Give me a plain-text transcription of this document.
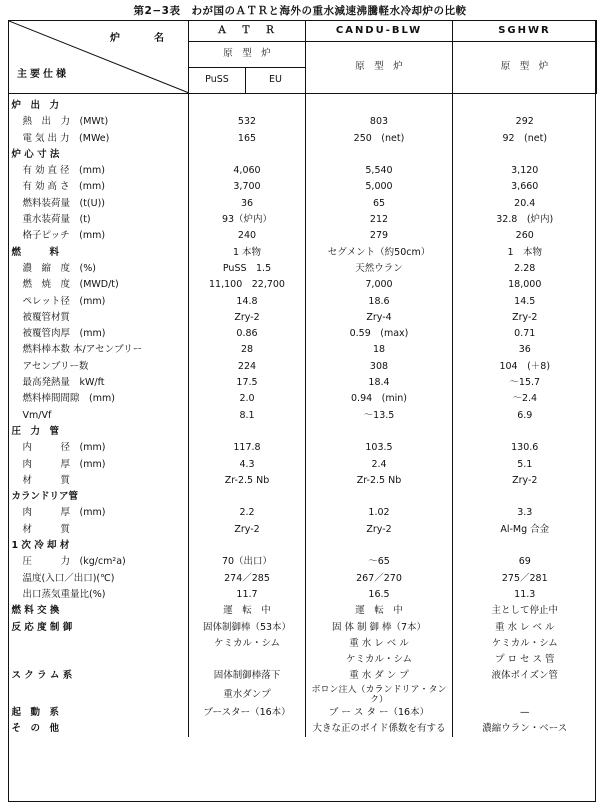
第2−3表　わが国のＡＴＲと海外の重水減速沸騰軽水冷却炉の比較
炉　名
主要仕様	Ａ　Ｔ　Ｒ		CANDU-BLW	SGHWR
	原　型　炉		原　型　炉	原　型　炉
	PuSS	EU		
炉　出　力				
熱　出　力　(MWt)	532		803	292
電 気 出 力　(MWe)	165		250　(net)	92　(net)
炉 心 寸 法				
有 効 直 径　(mm)	4,060		5,540	3,120
有 効 高 さ　(mm)	3,700		5,000	3,660
燃料装荷量　(t(U))	36		65	20.4
重水装荷量　(t)	93（炉内）		212	32.8　(炉内)
格子ピッチ　(mm)	240		279	260
燃　　　料	1 本物		セグメント（約50cm）	1　本物
濃　縮　度　(%)	PuSS　1.5		天然ウラン	2.28
燃　焼　度　(MWD/t)	11,100　22,700		7,000	18,000
ペレット径　(mm)	14.8		18.6	14.5
被覆管材質	Zry-2		Zry-4	Zry-2
被覆管肉厚　(mm)	0.86		0.59　(max)	0.71
燃料棒本数 本/アセンブリー	28		18	36
アセンブリー数	224		308	104　(＋8)
最高発熱量　kW/ft	17.5		18.4	〜15.7
燃料棒間間隙　(mm)	2.0		0.94　(min)	〜2.4
Vm/Vf	8.1		〜13.5	6.9
圧　力　管				
内　　　径　(mm)	117.8		103.5	130.6
肉　　　厚　(mm)	4.3		2.4	5.1
材　　　質	Zr-2.5 Nb		Zr-2.5 Nb	Zry-2
カランドリア管				
肉　　　厚　(mm)	2.2		1.02	3.3
材　　　質	Zry-2		Zry-2	Al-Mg 合金
1 次 冷 却 材				
圧　　　力　(kg/cm²a)	70（出口）		〜65	69
温度(入口／出口)(℃)	274／285		267／270	275／281
出口蒸気重量比(%)	11.7		16.5	11.3
燃 料 交 換	運　転　中		運　転　中	主として停止中
反 応 度 制 御	固体制御棒（53本）		固 体 制 御 棒（7本）	重 水 レ ベ ル
	ケミカル・シム		重 水 レ ベ ル	ケミカル・シム
			ケミカル・シム	プ ロ セ ス 管
ス ク ラ ム 系	固体制御棒落下		重 水 ダ ン プ	液体ポイズン管
	重水ダンプ		ボロン注入（カランドリア・タンク）	
起　動　系	ブースター（16本）		ブ ー ス タ ー（16本）	—
そ　の　他			大きな正のボイド係数を有する	濃縮ウラン・ベース
